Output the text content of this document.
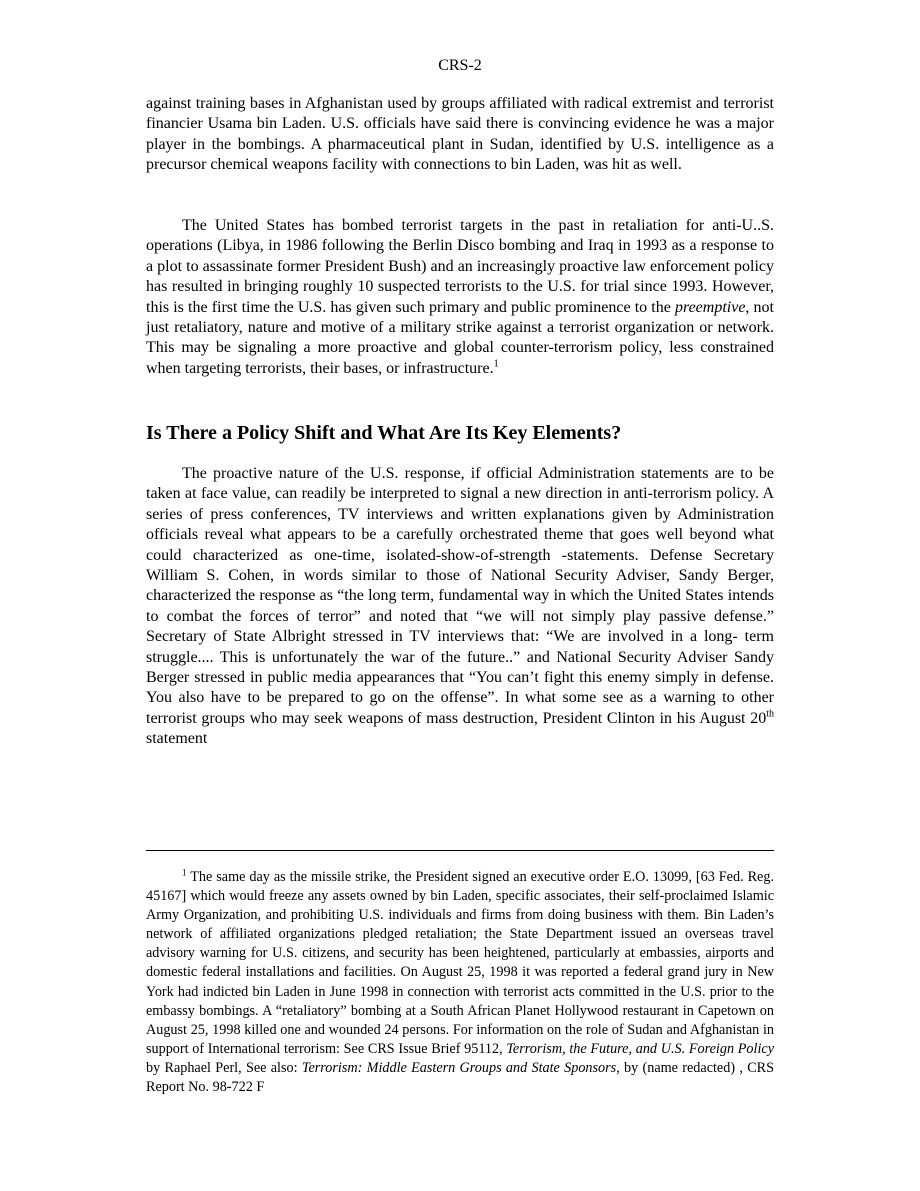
CRS-2

against training bases in Afghanistan used by groups affiliated with radical extremist and terrorist financier Usama bin Laden. U.S. officials have said there is convincing evidence he was a major player in the bombings. A pharmaceutical plant in Sudan, identified by U.S. intelligence as a precursor chemical weapons facility with connections to bin Laden, was hit as well.

The United States has bombed terrorist targets in the past in retaliation for anti-U..S. operations (Libya, in 1986 following the Berlin Disco bombing and Iraq in 1993 as a response to a plot to assassinate former President Bush) and an increasingly proactive law enforcement policy has resulted in bringing roughly 10 suspected terrorists to the U.S. for trial since 1993. However, this is the first time the U.S. has given such primary and public prominence to the preemptive, not just retaliatory, nature and motive of a military strike against a terrorist organization or network. This may be signaling a more proactive and global counter-terrorism policy, less constrained when targeting terrorists, their bases, or infrastructure.$^1$

Is There a Policy Shift and What Are Its Key Elements?

The proactive nature of the U.S. response, if official Administration statements are to be taken at face value, can readily be interpreted to signal a new direction in anti-terrorism policy. A series of press conferences, TV interviews and written explanations given by Administration officials reveal what appears to be a carefully orchestrated theme that goes well beyond what could characterized as one-time, isolated-show-of-strength -statements. Defense Secretary William S. Cohen, in words similar to those of National Security Adviser, Sandy Berger, characterized the response as “the long term, fundamental way in which the United States intends to combat the forces of terror” and noted that “we will not simply play passive defense.” Secretary of State Albright stressed in TV interviews that: “We are involved in a long- term struggle.... This is unfortunately the war of the future..” and National Security Adviser Sandy Berger stressed in public media appearances that “You can’t fight this enemy simply in defense. You also have to be prepared to go on the offense”. In what some see as a warning to other terrorist groups who may seek weapons of mass destruction, President Clinton in his August 20th statement

$^1$ The same day as the missile strike, the President signed an executive order E.O. 13099, [63 Fed. Reg. 45167] which would freeze any assets owned by bin Laden, specific associates, their self-proclaimed Islamic Army Organization, and prohibiting U.S. individuals and firms from doing business with them. Bin Laden’s network of affiliated organizations pledged retaliation; the State Department issued an overseas travel advisory warning for U.S. citizens, and security has been heightened, particularly at embassies, airports and domestic federal installations and facilities. On August 25, 1998 it was reported a federal grand jury in New York had indicted bin Laden in June 1998 in connection with terrorist acts committed in the U.S. prior to the embassy bombings. A “retaliatory” bombing at a South African Planet Hollywood restaurant in Capetown on August 25, 1998 killed one and wounded 24 persons. For information on the role of Sudan and Afghanistan in support of International terrorism: See CRS Issue Brief 95112, Terrorism, the Future, and U.S. Foreign Policy by Raphael Perl, See also: Terrorism: Middle Eastern Groups and State Sponsors, by (name redacted) , CRS Report No. 98-722 F
